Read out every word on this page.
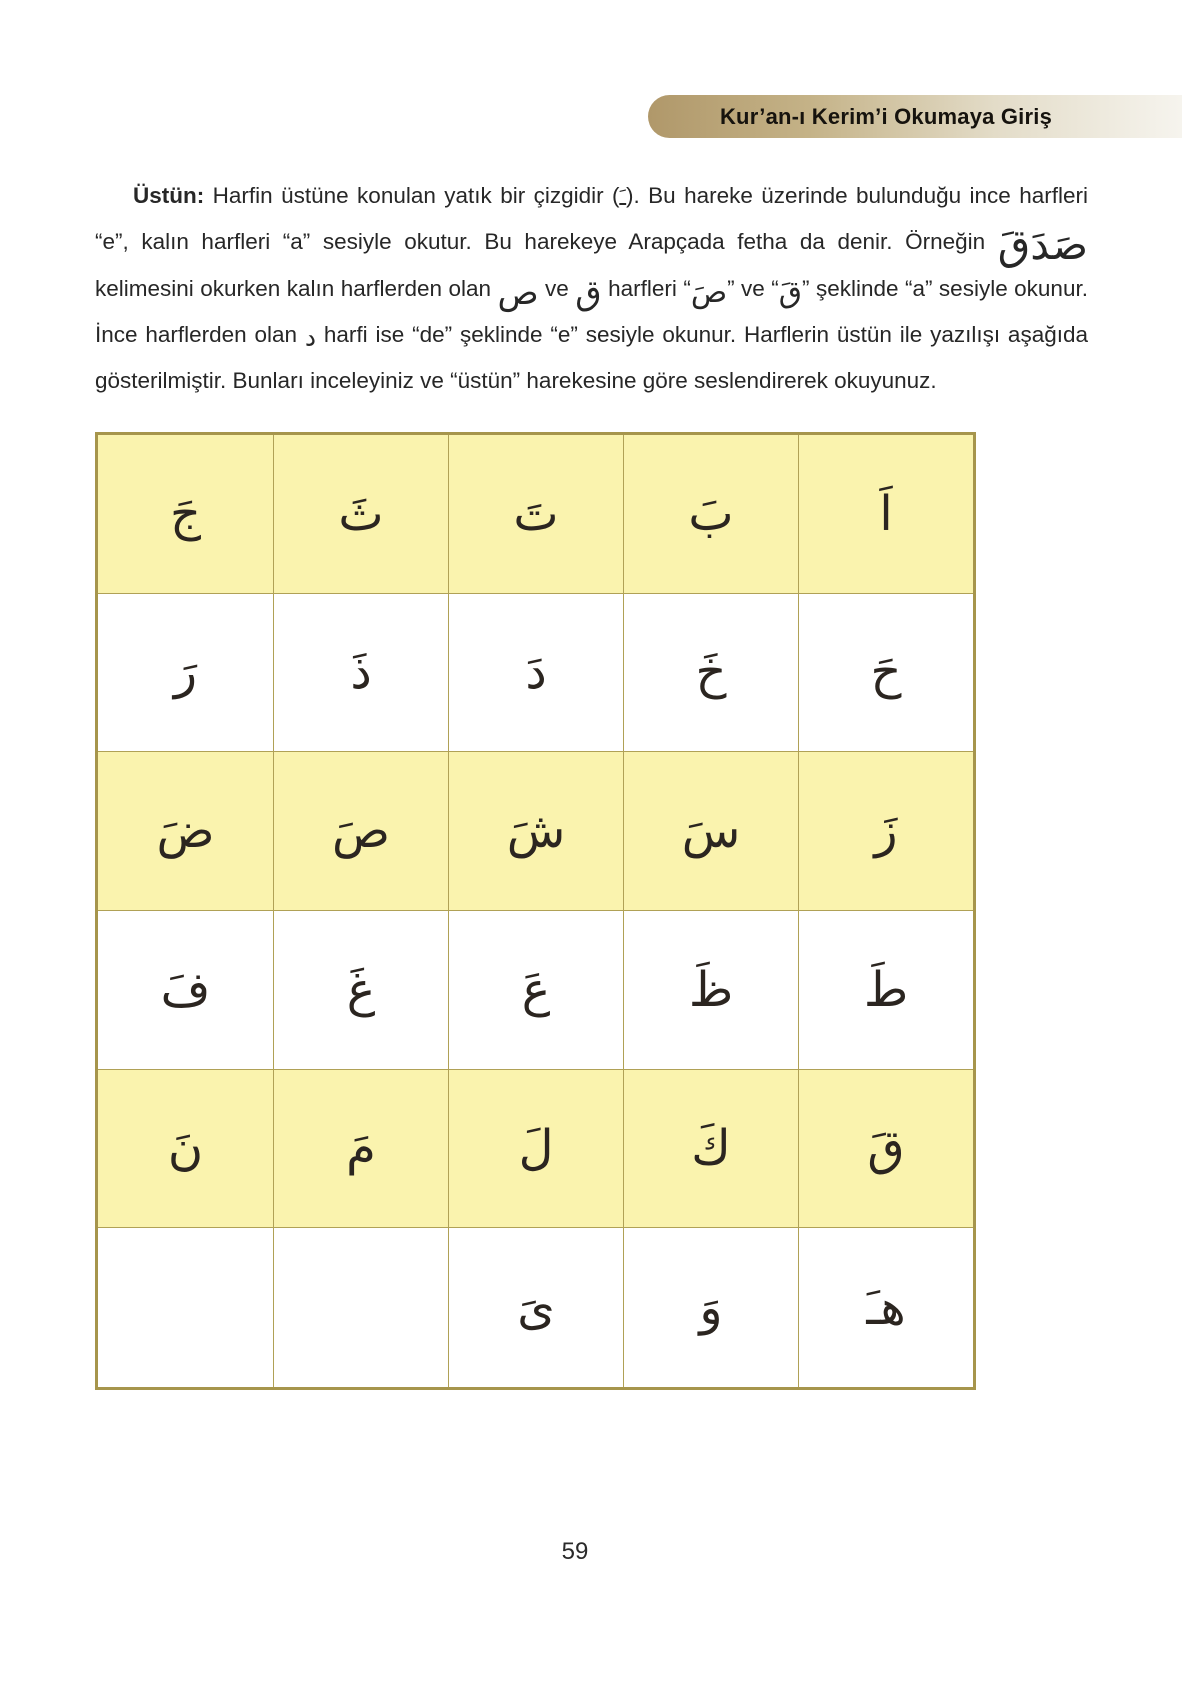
Kur’an-ı Kerim’i Okumaya Giriş

Üstün: Harfin üstüne konulan yatık bir çizgidir (ـَ). Bu hareke üzerinde bulunduğu ince harfleri “e”, kalın harfleri “a” sesiyle okutur. Bu harekeye Arapçada fetha da denir. Örneğin صَدَقَ kelimesini okurken kalın harflerden olan ص ve ق harfleri “صَ” ve “قَ” şeklinde “a” sesiyle okunur. İnce harflerden olan د harfi ise “de” şeklinde “e” sesiyle okunur. Harflerin üstün ile yazılışı aşağıda gösterilmiştir. Bunları inceleyiniz ve “üstün” harekesine göre seslendirerek okuyunuz.

اَ
بَ
تَ
ثَ
جَ
حَ
خَ
دَ
ذَ
رَ
زَ
سَ
شَ
صَ
ضَ
طَ
ظَ
عَ
غَ
فَ
قَ
كَ
لَ
مَ
نَ
هـَ
وَ
ىَ
59
